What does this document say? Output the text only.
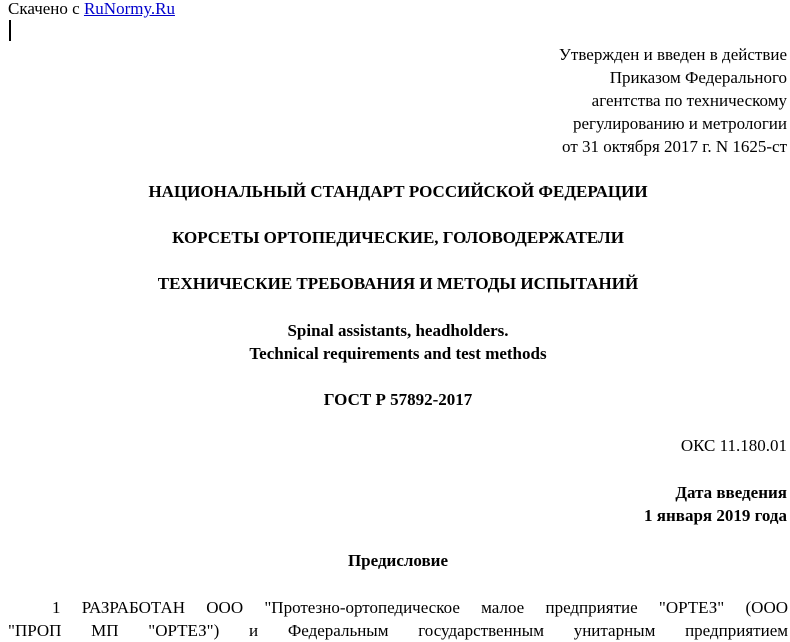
Скачено с RuNormy.Ru
Утвержден и введен в действие
Приказом Федерального
агентства по техническому
регулированию и метрологии
от 31 октября 2017 г. N 1625-ст
НАЦИОНАЛЬНЫЙ СТАНДАРТ РОССИЙСКОЙ ФЕДЕРАЦИИ
КОРСЕТЫ ОРТОПЕДИЧЕСКИЕ, ГОЛОВОДЕРЖАТЕЛИ
ТЕХНИЧЕСКИЕ ТРЕБОВАНИЯ И МЕТОДЫ ИСПЫТАНИЙ
Spinal assistants, headholders.
Technical requirements and test methods
ГОСТ Р 57892-2017
ОКС 11.180.01
Дата введения
1 января 2019 года
Предисловие
1 РАЗРАБОТАН ООО "Протезно-ортопедическое малое предприятие "ОРТЕЗ" (ООО
"ПРОП МП "ОРТЕЗ") и Федеральным государственным унитарным предприятием
